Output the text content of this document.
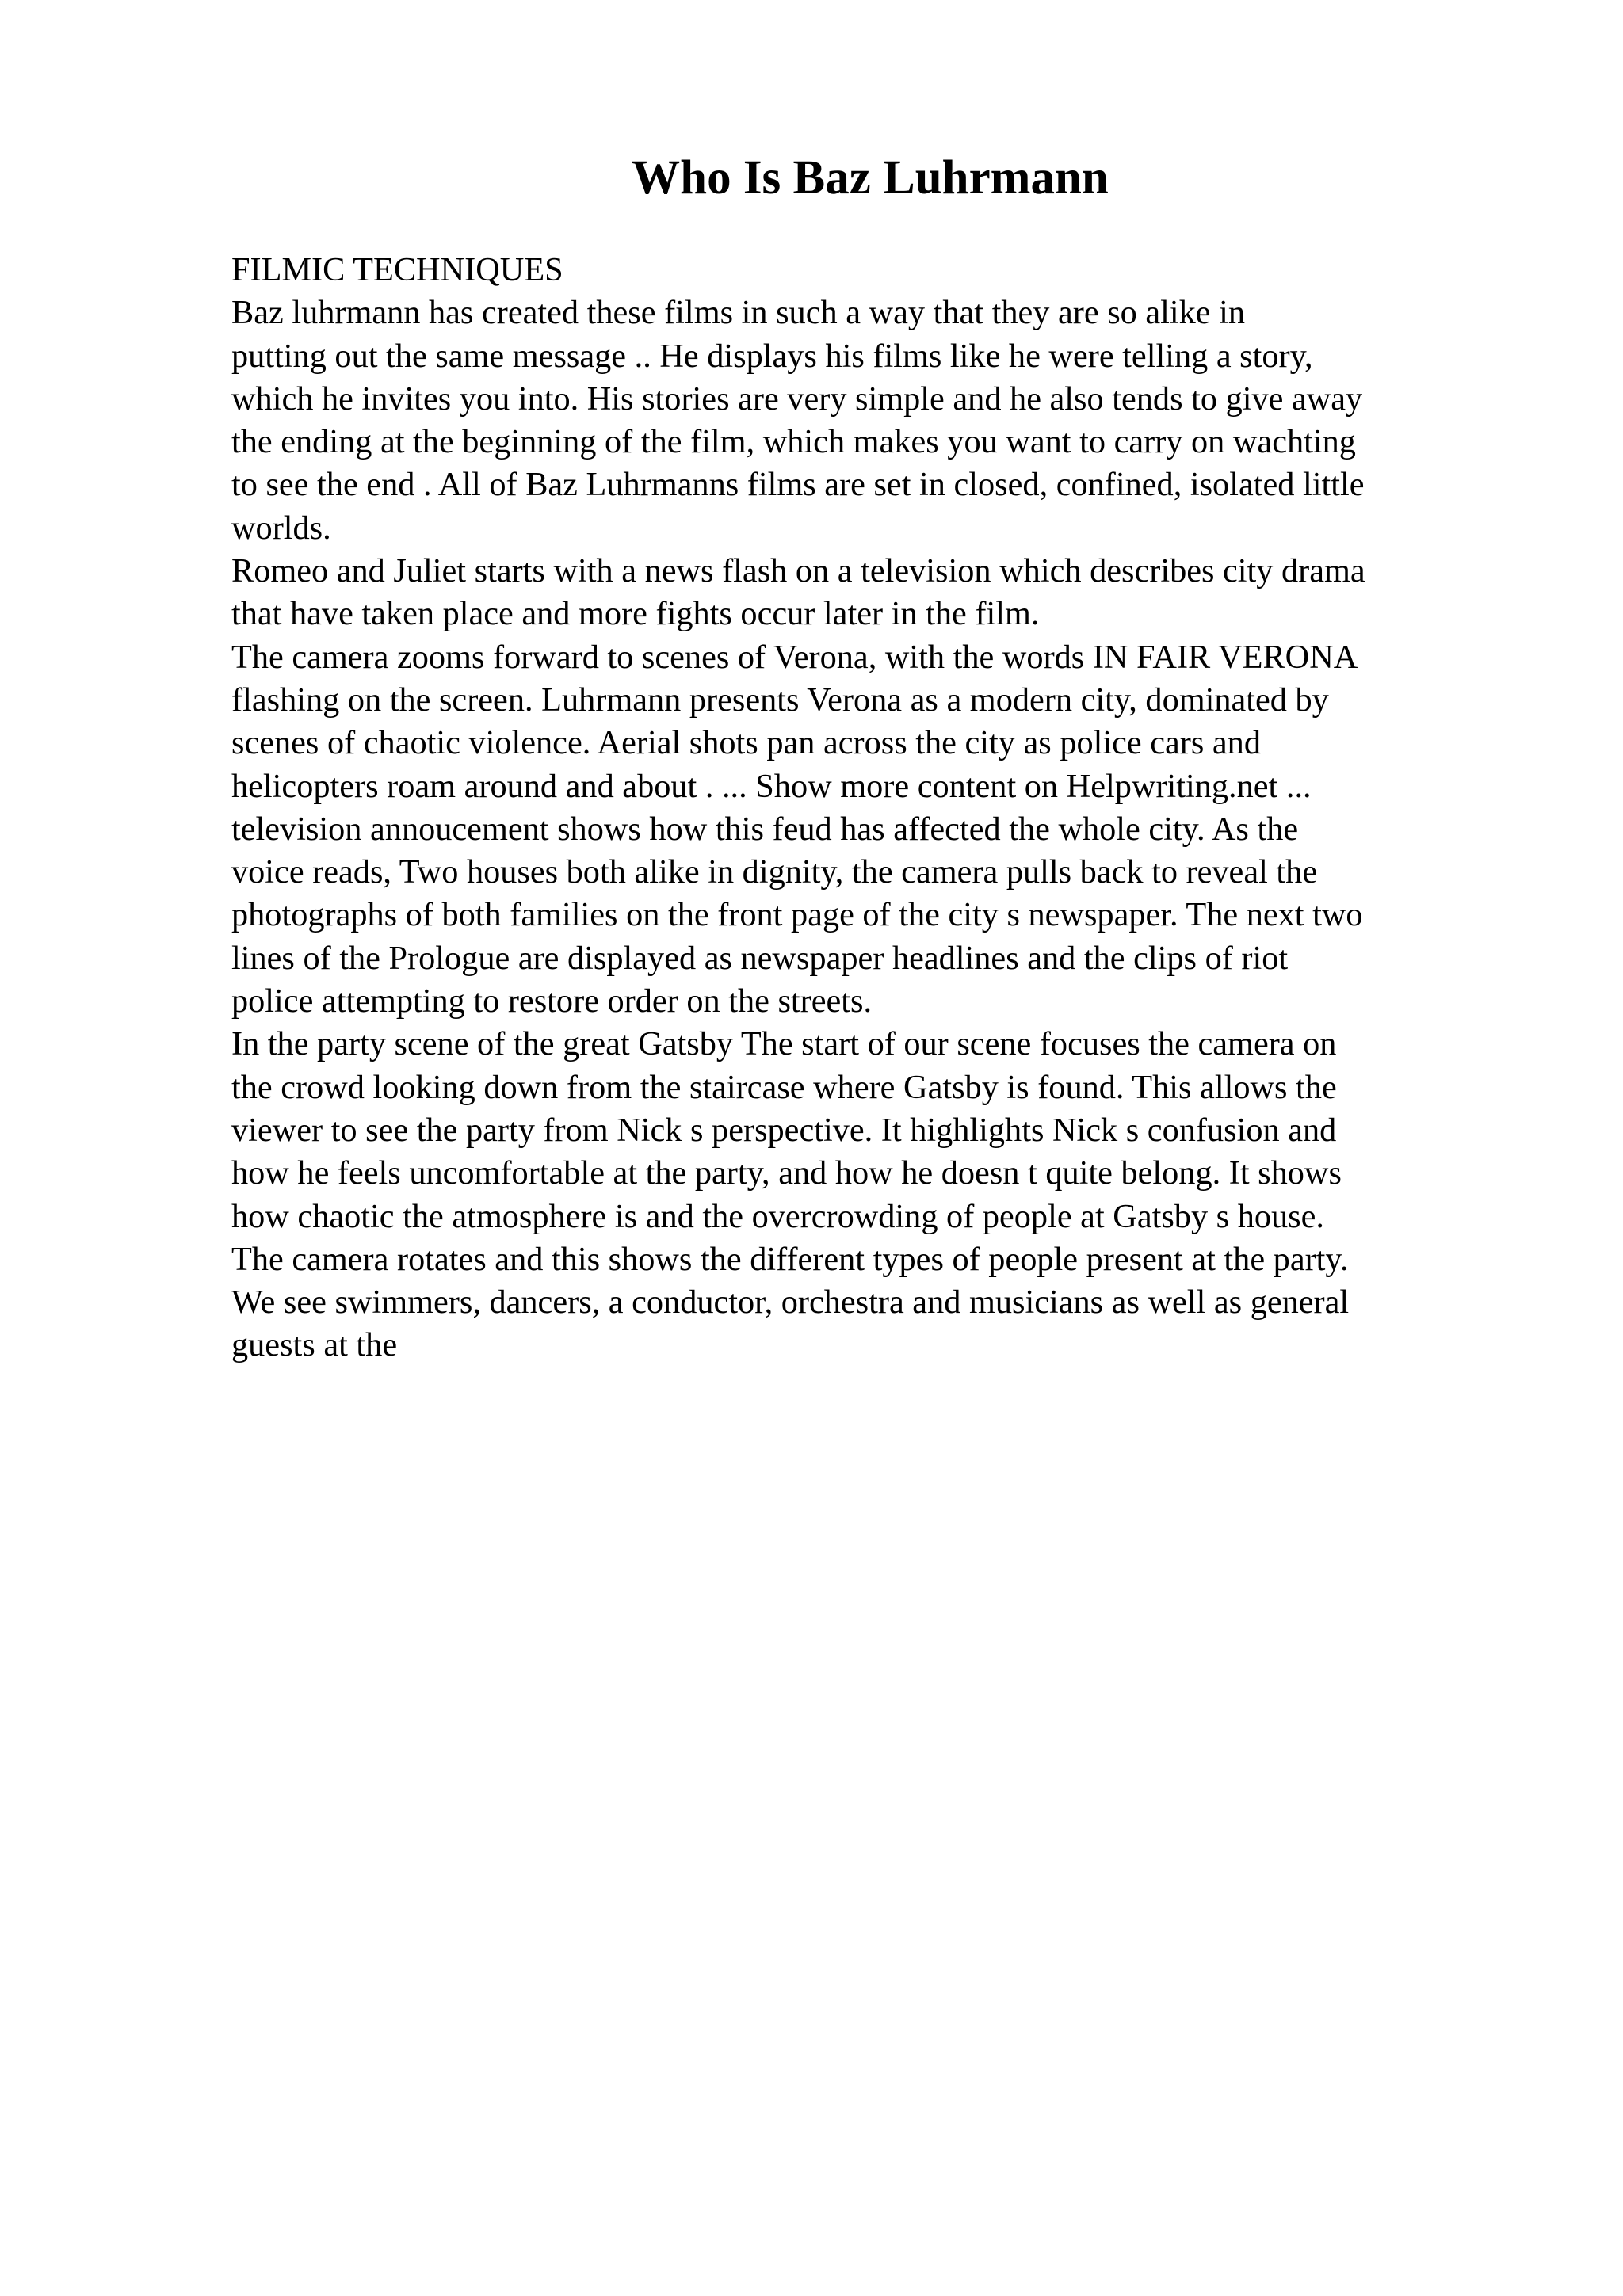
Who Is Baz Luhrmann
FILMIC TECHNIQUES
Baz luhrmann has created these films in such a way that they are so alike in
putting out the same message .. He displays his films like he were telling a story,
which he invites you into. His stories are very simple and he also tends to give away
the ending at the beginning of the film, which makes you want to carry on wachting
to see the end . All of Baz Luhrmanns films are set in closed, confined, isolated little
worlds.
Romeo and Juliet starts with a news flash on a television which describes city drama
that have taken place and more fights occur later in the film.
The camera zooms forward to scenes of Verona, with the words IN FAIR VERONA
flashing on the screen. Luhrmann presents Verona as a modern city, dominated by
scenes of chaotic violence. Aerial shots pan across the city as police cars and
helicopters roam around and about . ... Show more content on Helpwriting.net ...
television annoucement shows how this feud has affected the whole city. As the
voice reads, Two houses both alike in dignity, the camera pulls back to reveal the
photographs of both families on the front page of the city s newspaper. The next two
lines of the Prologue are displayed as newspaper headlines and the clips of riot
police attempting to restore order on the streets.
In the party scene of the great Gatsby The start of our scene focuses the camera on
the crowd looking down from the staircase where Gatsby is found. This allows the
viewer to see the party from Nick s perspective. It highlights Nick s confusion and
how he feels uncomfortable at the party, and how he doesn t quite belong. It shows
how chaotic the atmosphere is and the overcrowding of people at Gatsby s house.
The camera rotates and this shows the different types of people present at the party.
We see swimmers, dancers, a conductor, orchestra and musicians as well as general
guests at the
